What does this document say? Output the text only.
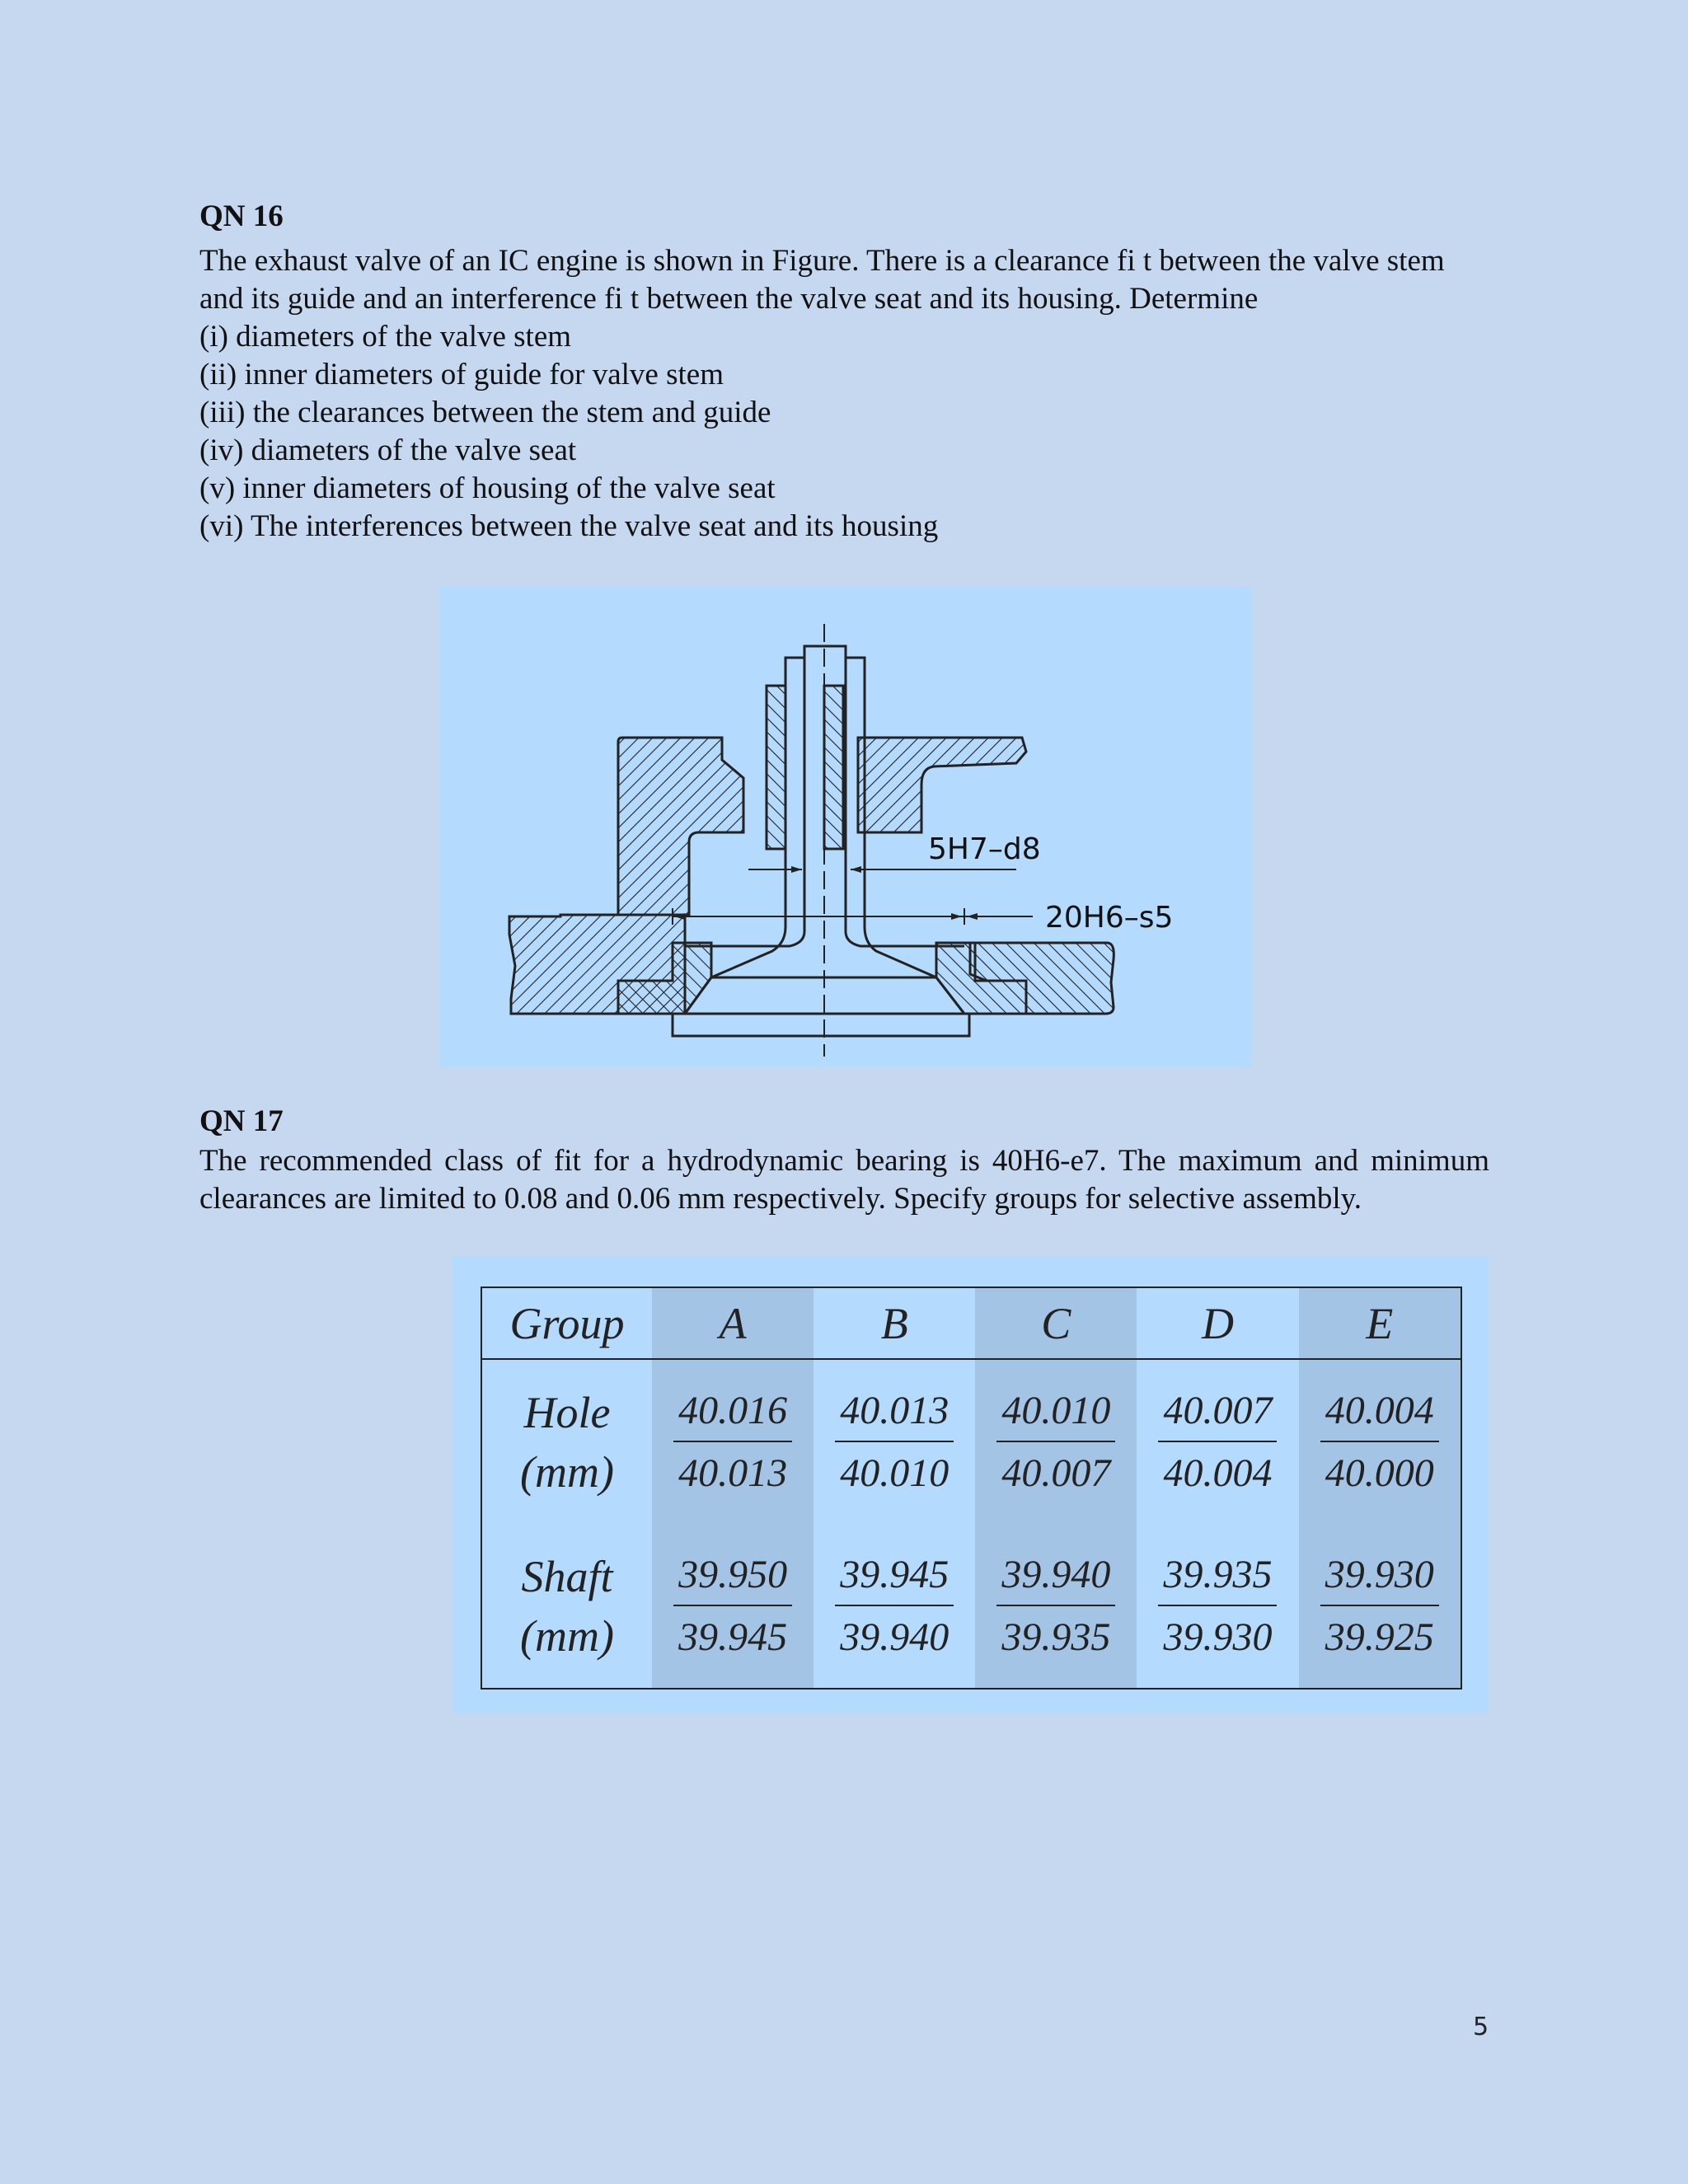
QN 16

The exhaust valve of an IC engine is shown in Figure. There is a clearance fi t between the valve stem and its guide and an interference fi t between the valve seat and its housing. Determine

(i) diameters of the valve stem
(ii) inner diameters of guide for valve stem
(iii) the clearances between the stem and guide
(iv) diameters of the valve seat
(v) inner diameters of housing of the valve seat
(vi) The interferences between the valve seat and its housing
5H7–d8
20H6–s5
QN 17

The recommended class of fit for a hydrodynamic bearing is 40H6-e7. The maximum and minimum clearances are limited to 0.08 and 0.06 mm respectively. Specify groups for selective assembly.

Group	A	B	C	D	E

Hole
(mm)	$\frac{40.016}{40.013}$	$\frac{40.013}{40.010}$	$\frac{40.010}{40.007}$	$\frac{40.007}{40.004}$	$\frac{40.004}{40.000}$

Shaft
(mm)	$\frac{39.950}{39.945}$	$\frac{39.945}{39.940}$	$\frac{39.940}{39.935}$	$\frac{39.935}{39.930}$	$\frac{39.930}{39.925}$
5
